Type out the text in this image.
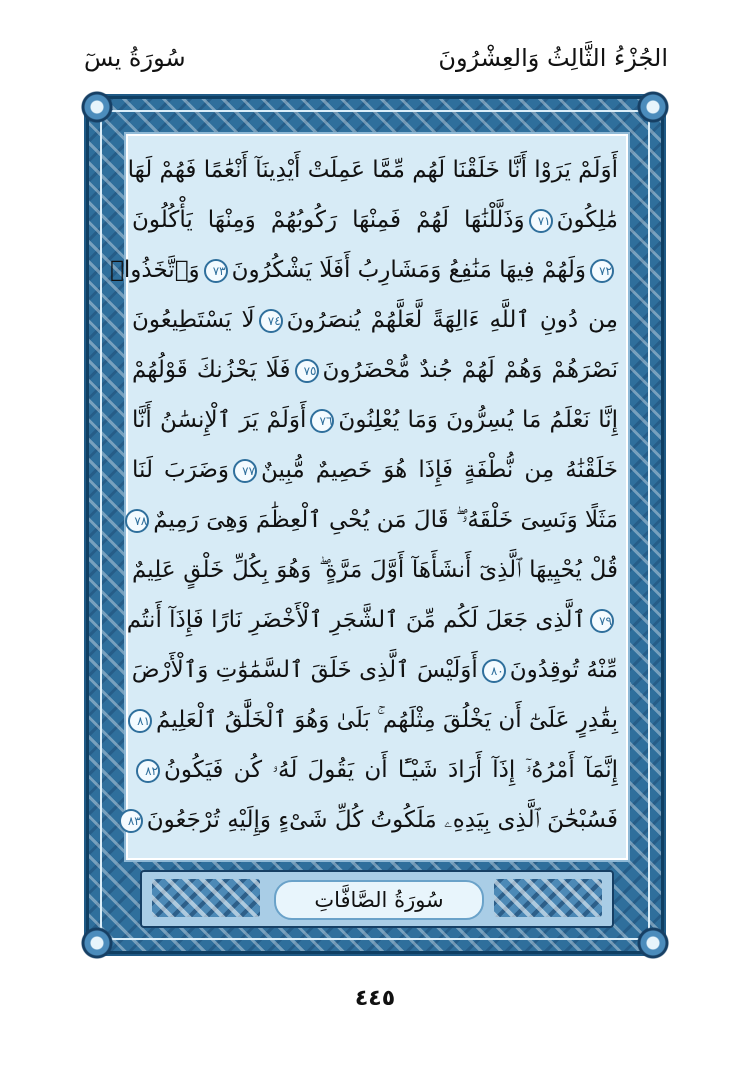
الجُزْءُ الثَّالِثُ وَالعِشْرُونَ
سُورَةُ يسٓ
أَوَلَمْ يَرَوْا أَنَّا خَلَقْنَا لَهُم مِّمَّا عَمِلَتْ أَيْدِينَآ أَنْعَٰمًا فَهُمْ لَهَا
مَٰلِكُونَ٧١وَذَلَّلْنَٰهَا لَهُمْ فَمِنْهَا رَكُوبُهُمْ وَمِنْهَا يَأْكُلُونَ
٧٢وَلَهُمْ فِيهَا مَنَٰفِعُ وَمَشَارِبُ أَفَلَا يَشْكُرُونَ٧٣وَٱتَّخَذُوا۟
مِن دُونِ ٱللَّهِ ءَالِهَةً لَّعَلَّهُمْ يُنصَرُونَ٧٤لَا يَسْتَطِيعُونَ
نَصْرَهُمْ وَهُمْ لَهُمْ جُندٌ مُّحْضَرُونَ٧٥فَلَا يَحْزُنكَ قَوْلُهُمْ
إِنَّا نَعْلَمُ مَا يُسِرُّونَ وَمَا يُعْلِنُونَ٧٦أَوَلَمْ يَرَ ٱلْإِنسَٰنُ أَنَّا
خَلَقْنَٰهُ مِن نُّطْفَةٍ فَإِذَا هُوَ خَصِيمٌ مُّبِينٌ٧٧وَضَرَبَ لَنَا
مَثَلًا وَنَسِىَ خَلْقَهُۥ ۖ قَالَ مَن يُحْىِ ٱلْعِظَٰمَ وَهِىَ رَمِيمٌ٧٨
قُلْ يُحْيِيهَا ٱلَّذِىٓ أَنشَأَهَآ أَوَّلَ مَرَّةٍ ۖ وَهُوَ بِكُلِّ خَلْقٍ عَلِيمٌ
٧٩ٱلَّذِى جَعَلَ لَكُم مِّنَ ٱلشَّجَرِ ٱلْأَخْضَرِ نَارًا فَإِذَآ أَنتُم
مِّنْهُ تُوقِدُونَ٨٠أَوَلَيْسَ ٱلَّذِى خَلَقَ ٱلسَّمَٰوَٰتِ وَٱلْأَرْضَ
بِقَٰدِرٍ عَلَىٰٓ أَن يَخْلُقَ مِثْلَهُم ۚ بَلَىٰ وَهُوَ ٱلْخَلَّٰقُ ٱلْعَلِيمُ٨١
إِنَّمَآ أَمْرُهُۥٓ إِذَآ أَرَادَ شَيْـًٔا أَن يَقُولَ لَهُۥ كُن فَيَكُونُ٨٢
فَسُبْحَٰنَ ٱلَّذِى بِيَدِهِۦ مَلَكُوتُ كُلِّ شَىْءٍ وَإِلَيْهِ تُرْجَعُونَ٨٣
سُورَةُ الصَّافَّاتِ
٤٤٥
